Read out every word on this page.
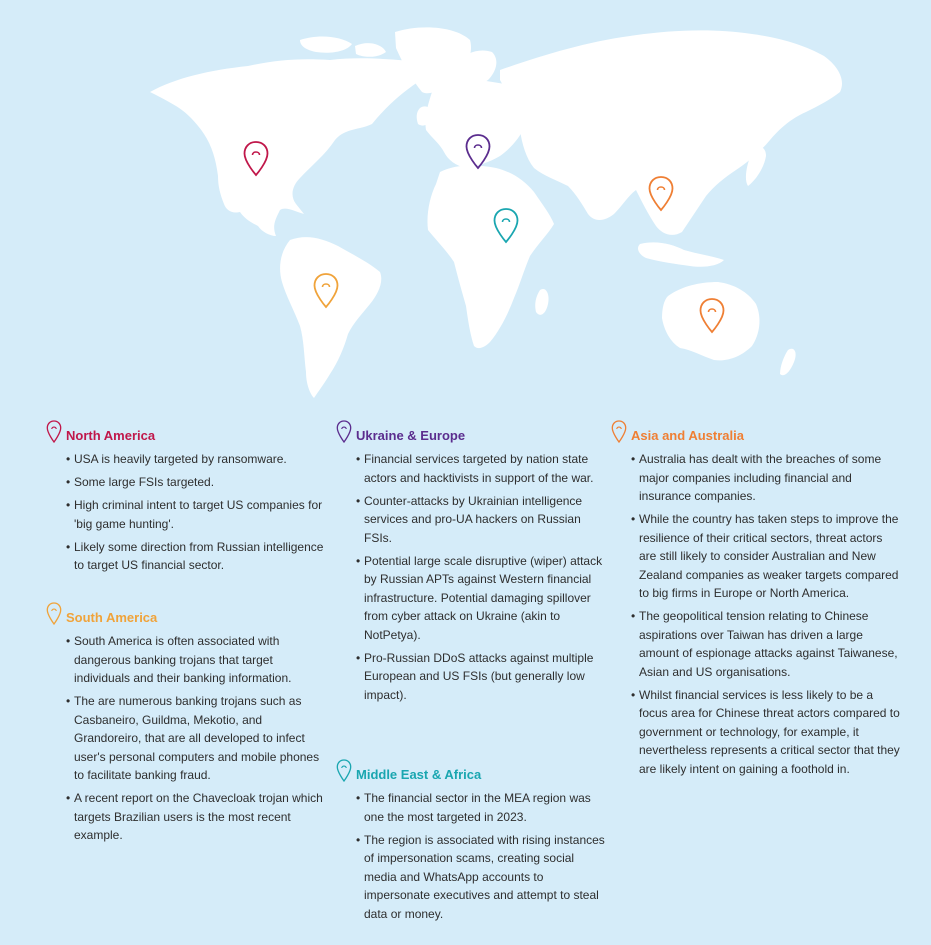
North America
• USA is heavily targeted by ransomware.
• Some large FSIs targeted.
• High criminal intent to target US companies for 'big game hunting'.
• Likely some direction from Russian intelligence to target US financial sector.
South America
• South America is often associated with dangerous banking trojans that target individuals and their banking information.
• The are numerous banking trojans such as Casbaneiro, Guildma, Mekotio, and Grandoreiro, that are all developed to infect user's personal computers and mobile phones to facilitate banking fraud.
• A recent report on the Chavecloak trojan which targets Brazilian users is the most recent example.
Ukraine & Europe
• Financial services targeted by nation state actors and hacktivists in support of the war.
• Counter-attacks by Ukrainian intelligence services and pro-UA hackers on Russian FSIs.
• Potential large scale disruptive (wiper) attack by Russian APTs against Western financial infrastructure. Potential damaging spillover from cyber attack on Ukraine (akin to NotPetya).
• Pro-Russian DDoS attacks against multiple European and US FSIs (but generally low impact).
Middle East & Africa
• The financial sector in the MEA region was one the most targeted in 2023.
• The region is associated with rising instances of impersonation scams, creating social media and WhatsApp accounts to impersonate executives and attempt to steal data or money.
Asia and Australia
• Australia has dealt with the breaches of some major companies including financial and insurance companies.
• While the country has taken steps to improve the resilience of their critical sectors, threat actors are still likely to consider Australian and New Zealand companies as weaker targets compared to big firms in Europe or North America.
• The geopolitical tension relating to Chinese aspirations over Taiwan has driven a large amount of espionage attacks against Taiwanese, Asian and US organisations.
• Whilst financial services is less likely to be a focus area for Chinese threat actors compared to government or technology, for example, it nevertheless represents a critical sector that they are likely intent on gaining a foothold in.
